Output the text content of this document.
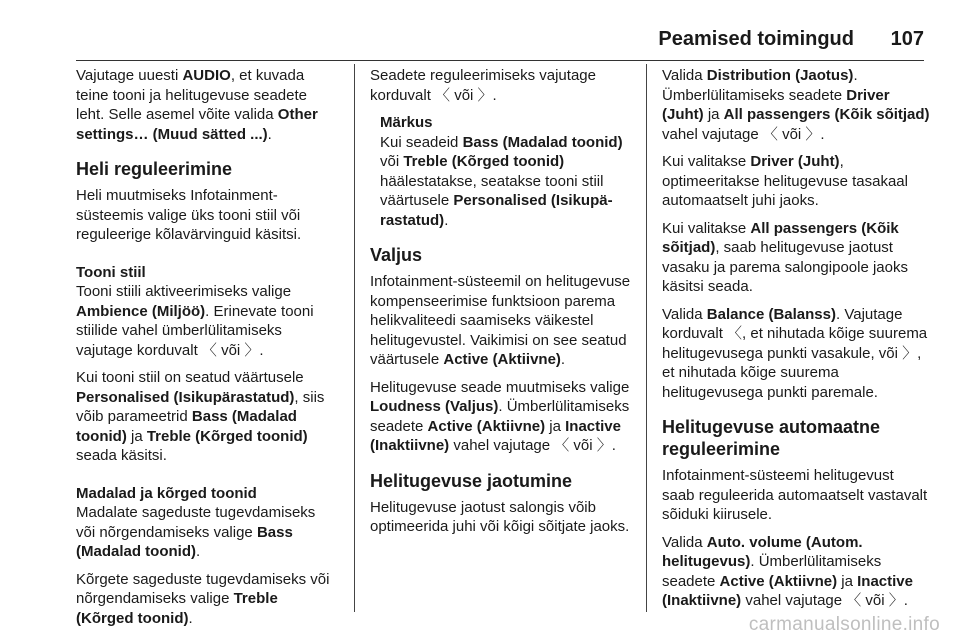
Peamised toimingud 107

Vajutage uuesti AUDIO, et kuvada teine tooni ja helitugevuse seadete leht. Selle asemel võite valida Other settings… (Muud sätted ...).

Heli reguleerimine

Heli muutmiseks Infotainment-süsteemis valige üks tooni stiil või reguleerige kõlavärvinguid käsitsi.

Tooni stiil

Tooni stiili aktiveerimiseks valige Ambience (Miljöö). Erinevate tooni stiilide vahel ümberlülitamiseks vajutage korduvalt 〈 või 〉.

Kui tooni stiil on seatud väärtusele Personalised (Isikupärastatud), siis võib parameetrid Bass (Madalad toonid) ja Treble (Kõrged toonid) seada käsitsi.

Madalad ja kõrged toonid

Madalate sageduste tugevdamiseks või nõrgendamiseks valige Bass (Madalad toonid).

Kõrgete sageduste tugevdamiseks või nõrgendamiseks valige Treble (Kõrged toonid).

Seadete reguleerimiseks vajutage korduvalt 〈 või 〉.

Märkus
Kui seadeid Bass (Madalad toonid) või Treble (Kõrged toonid) häälestatakse, seatakse tooni stiil väärtusele Personalised (Isikupä-rastatud).
Valjus

Infotainment-süsteemil on helitugevuse kompenseerimise funktsioon parema helikvaliteedi saamiseks väikestel helitugevustel. Vaikimisi on see seatud väärtusele Active (Aktiivne).

Helitugevuse seade muutmiseks valige Loudness (Valjus). Ümberlülitamiseks seadete Active (Aktiivne) ja Inactive (Inaktiivne) vahel vajutage 〈 või 〉.

Helitugevuse jaotumine

Helitugevuse jaotust salongis võib optimeerida juhi või kõigi sõitjate jaoks.

Valida Distribution (Jaotus). Ümberlülitamiseks seadete Driver (Juht) ja All passengers (Kõik sõitjad) vahel vajutage 〈 või 〉.

Kui valitakse Driver (Juht), optimeeritakse helitugevuse tasakaal automaatselt juhi jaoks.

Kui valitakse All passengers (Kõik sõitjad), saab helitugevuse jaotust vasaku ja parema salongipoole jaoks käsitsi seada.

Valida Balance (Balanss). Vajutage korduvalt 〈, et nihutada kõige suurema helitugevusega punkti vasakule, või 〉, et nihutada kõige suurema helitugevusega punkti paremale.

Helitugevuse automaatne reguleerimine

Infotainment-süsteemi helitugevust saab reguleerida automaatselt vastavalt sõiduki kiirusele.

Valida Auto. volume (Autom. helitugevus). Ümberlülitamiseks seadete Active (Aktiivne) ja Inactive (Inaktiivne) vahel vajutage 〈 või 〉.

carmanualsonline.info
